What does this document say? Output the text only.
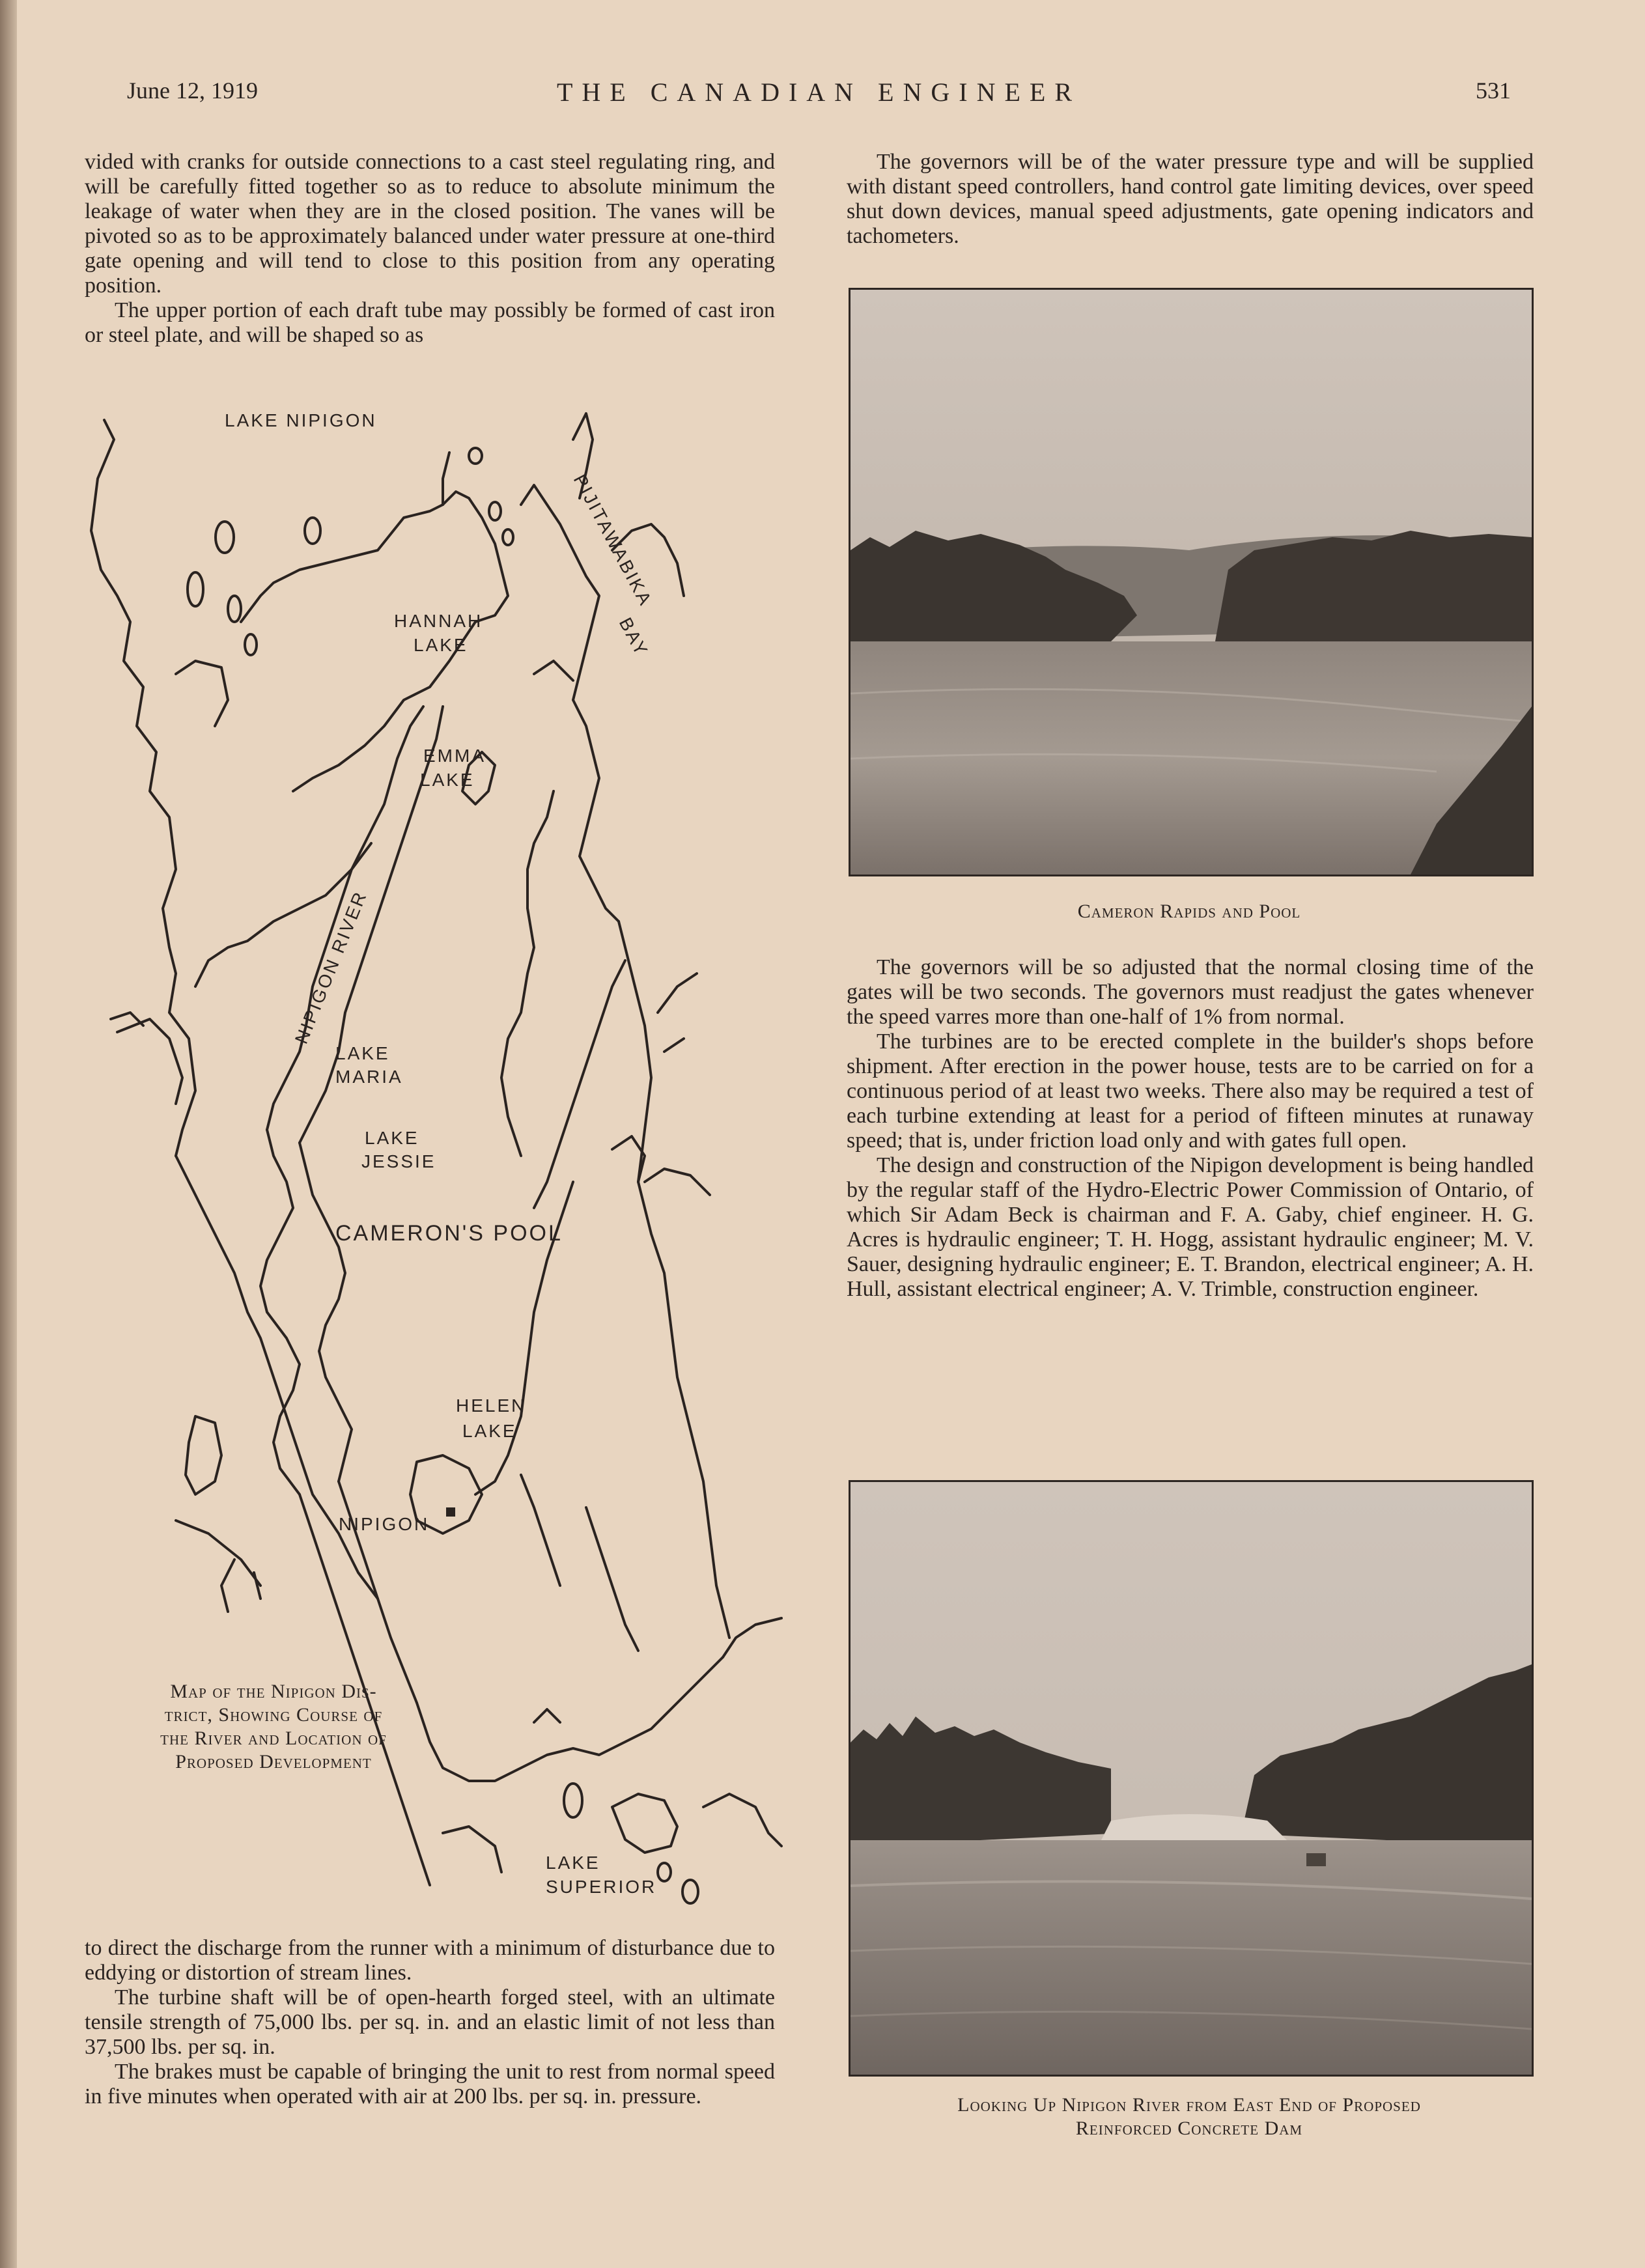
June 12, 1919	THE CANADIAN ENGINEER	531

vided with cranks for outside connections to a cast steel regulating ring, and will be carefully fitted together so as to reduce to absolute minimum the leakage of water when they are in the closed position. The vanes will be pivoted so as to be approximately balanced under water pressure at one-third gate opening and will tend to close to this position from any operating position.

The upper portion of each draft tube may possibly be formed of cast iron or steel plate, and will be shaped so as

LAKE NIPIGON
PIJITAWABIKA
BAY
HANNAH
LAKE
EMMA
LAKE
NIPIGON RIVER
LAKE
MARIA
LAKE
JESSIE
CAMERON'S POOL
HELEN
LAKE
NIPIGON
LAKE
SUPERIOR
Map of the Nipigon Dis-
trict, Showing Course of
the River and Location of
Proposed Development

to direct the discharge from the runner with a minimum of disturbance due to eddying or distortion of stream lines.

The turbine shaft will be of open-hearth forged steel, with an ultimate tensile strength of 75,000 lbs. per sq. in. and an elastic limit of not less than 37,500 lbs. per sq. in.

The brakes must be capable of bringing the unit to rest from normal speed in five minutes when operated with air at 200 lbs. per sq. in. pressure.

The governors will be of the water pressure type and will be supplied with distant speed controllers, hand control gate limiting devices, over speed shut down devices, manual speed adjustments, gate opening indicators and tachometers.

Cameron Rapids and Pool

The governors will be so adjusted that the normal closing time of the gates will be two seconds. The governors must readjust the gates whenever the speed varres more than one-half of 1% from normal.

The turbines are to be erected complete in the builder's shops before shipment. After erection in the power house, tests are to be carried on for a continuous period of at least two weeks. There also may be required a test of each turbine extending at least for a period of fifteen minutes at runaway speed; that is, under friction load only and with gates full open.

The design and construction of the Nipigon development is being handled by the regular staff of the Hydro-Electric Power Commission of Ontario, of which Sir Adam Beck is chairman and F. A. Gaby, chief engineer. H. G. Acres is hydraulic engineer; T. H. Hogg, assistant hydraulic engineer; M. V. Sauer, designing hydraulic engineer; E. T. Brandon, electrical engineer; A. H. Hull, assistant electrical engineer; A. V. Trimble, construction engineer.

Looking Up Nipigon River from East End of Proposed
Reinforced Concrete Dam
